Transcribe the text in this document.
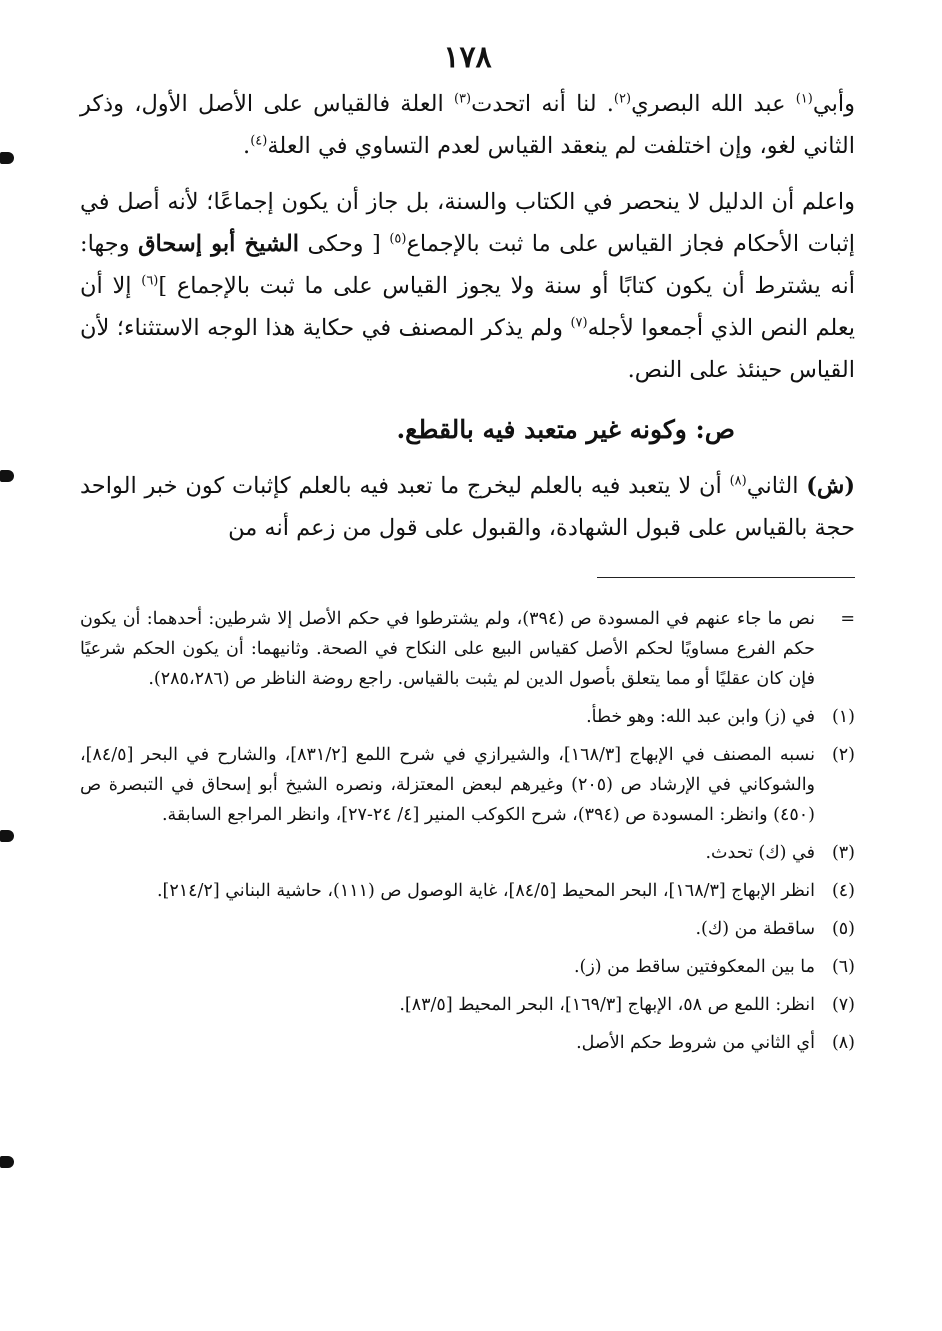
١٧٨

وأبي$^{(١)}$ عبد الله البصري$^{(٢)}$. لنا أنه اتحدت$^{(٣)}$ العلة فالقياس على الأصل الأول، وذكر الثاني لغو، وإن اختلفت لم ينعقد القياس لعدم التساوي في العلة$^{(٤)}$.

واعلم أن الدليل لا ينحصر في الكتاب والسنة، بل جاز أن يكون إجماعًا؛ لأنه أصل في إثبات الأحكام فجاز القياس على ما ثبت بالإجماع$^{(٥)}$ [ وحكى الشيخ أبو إسحاق وجها: أنه يشترط أن يكون كتابًا أو سنة ولا يجوز القياس على ما ثبت بالإجماع ]$^{(٦)}$ إلا أن يعلم النص الذي أجمعوا لأجله$^{(٧)}$ ولم يذكر المصنف في حكاية هذا الوجه الاستثناء؛ لأن القياس حينئذ على النص.

ص: وكونه غير متعبد فيه بالقطع.

(ش) الثاني$^{(٨)}$ أن لا يتعبد فيه بالعلم ليخرج ما تعبد فيه بالعلم كإثبات كون خبر الواحد حجة بالقياس على قبول الشهادة، والقبول على قول من زعم أنه من

=
نص ما جاء عنهم في المسودة ص (٣٩٤)، ولم يشترطوا في حكم الأصل إلا شرطين: أحدهما: أن يكون حكم الفرع مساويًا لحكم الأصل كقياس البيع على النكاح في الصحة. وثانيهما: أن يكون الحكم شرعيًا فإن كان عقليًا أو مما يتعلق بأصول الدين لم يثبت بالقياس. راجع روضة الناظر ص (٢٨٥،٢٨٦).
(١)
في (ز) وابن عبد الله: وهو خطأ.
(٢)
نسبه المصنف في الإبهاج [١٦٨/٣]، والشيرازي في شرح اللمع [٨٣١/٢]، والشارح في البحر [٨٤/٥]، والشوكاني في الإرشاد ص (٢٠٥) وغيرهم لبعض المعتزلة، ونصره الشيخ أبو إسحاق في التبصرة ص (٤٥٠) وانظر: المسودة ص (٣٩٤)، شرح الكوكب المنير [٤/ ٢٤-٢٧]، وانظر المراجع السابقة.
(٣)
في (ك) تحدث.
(٤)
انظر الإبهاج [١٦٨/٣]، البحر المحيط [٨٤/٥]، غاية الوصول ص (١١١)، حاشية البناني [٢١٤/٢].
(٥)
ساقطة من (ك).
(٦)
ما بين المعكوفتين ساقط من (ز).
(٧)
انظر: اللمع ص ٥٨، الإبهاج [١٦٩/٣]، البحر المحيط [٨٣/٥].
(٨)
أي الثاني من شروط حكم الأصل.
